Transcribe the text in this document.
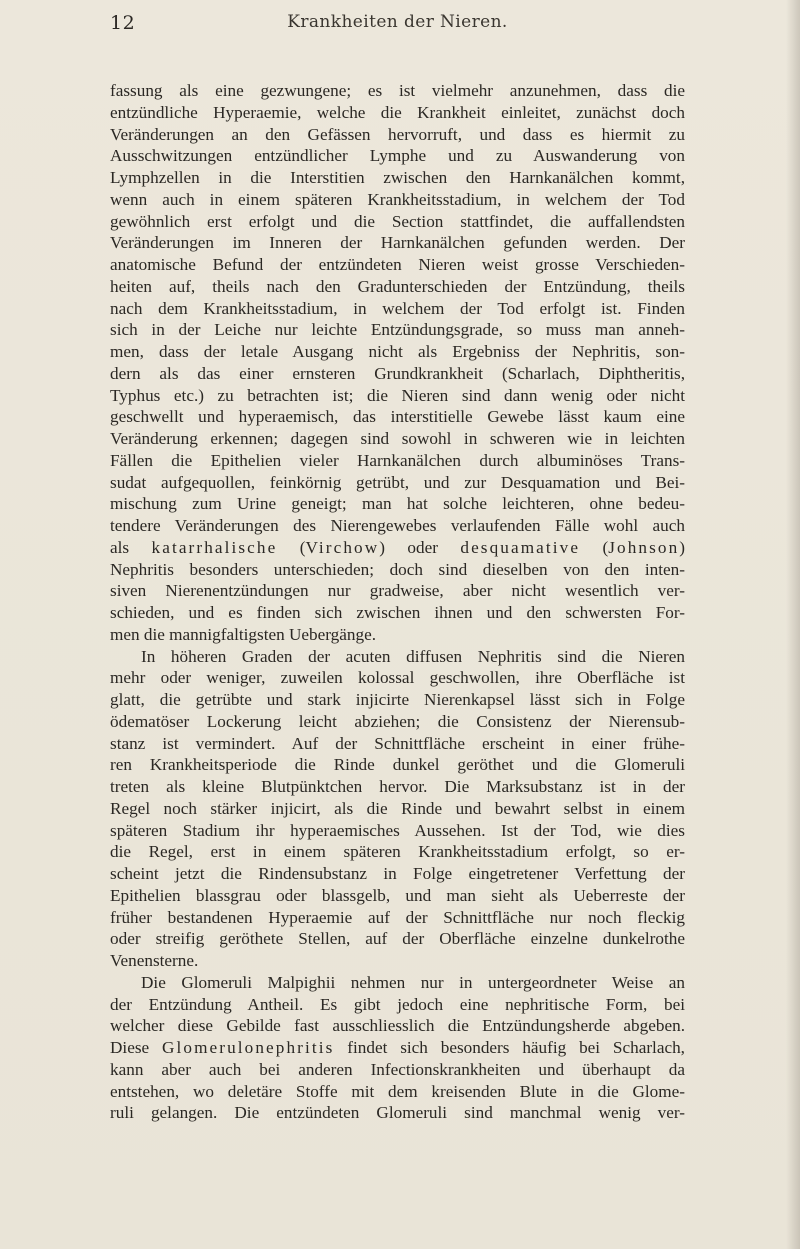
12	Krankheiten der Nieren.

fassung als eine gezwungene; es ist vielmehr anzunehmen, dass die
entzündliche Hyperaemie, welche die Krankheit einleitet, zunächst doch
Veränderungen an den Gefässen hervorruft, und dass es hiermit zu
Ausschwitzungen entzündlicher Lymphe und zu Auswanderung von
Lymphzellen in die Interstitien zwischen den Harnkanälchen kommt,
wenn auch in einem späteren Krankheitsstadium, in welchem der Tod
gewöhnlich erst erfolgt und die Section stattfindet, die auffallendsten
Veränderungen im Inneren der Harnkanälchen gefunden werden. Der
anatomische Befund der entzündeten Nieren weist grosse Verschieden-
heiten auf, theils nach den Gradunterschieden der Entzündung, theils
nach dem Krankheitsstadium, in welchem der Tod erfolgt ist. Finden
sich in der Leiche nur leichte Entzündungsgrade, so muss man anneh-
men, dass der letale Ausgang nicht als Ergebniss der Nephritis, son-
dern als das einer ernsteren Grundkrankheit (Scharlach, Diphtheritis,
Typhus etc.) zu betrachten ist; die Nieren sind dann wenig oder nicht
geschwellt und hyperaemisch, das interstitielle Gewebe lässt kaum eine
Veränderung erkennen; dagegen sind sowohl in schweren wie in leichten
Fällen die Epithelien vieler Harnkanälchen durch albuminöses Trans-
sudat aufgequollen, feinkörnig getrübt, und zur Desquamation und Bei-
mischung zum Urine geneigt; man hat solche leichteren, ohne bedeu-
tendere Veränderungen des Nierengewebes verlaufenden Fälle wohl auch
als katarrhalische (Virchow) oder desquamative (Johnson)
Nephritis besonders unterschieden; doch sind dieselben von den inten-
siven Nierenentzündungen nur gradweise, aber nicht wesentlich ver-
schieden, und es finden sich zwischen ihnen und den schwersten For-
men die mannigfaltigsten Uebergänge.

In höheren Graden der acuten diffusen Nephritis sind die Nieren
mehr oder weniger, zuweilen kolossal geschwollen, ihre Oberfläche ist
glatt, die getrübte und stark injicirte Nierenkapsel lässt sich in Folge
ödematöser Lockerung leicht abziehen; die Consistenz der Nierensub-
stanz ist vermindert. Auf der Schnittfläche erscheint in einer frühe-
ren Krankheitsperiode die Rinde dunkel geröthet und die Glomeruli
treten als kleine Blutpünktchen hervor. Die Marksubstanz ist in der
Regel noch stärker injicirt, als die Rinde und bewahrt selbst in einem
späteren Stadium ihr hyperaemisches Aussehen. Ist der Tod, wie dies
die Regel, erst in einem späteren Krankheitsstadium erfolgt, so er-
scheint jetzt die Rindensubstanz in Folge eingetretener Verfettung der
Epithelien blassgrau oder blassgelb, und man sieht als Ueberreste der
früher bestandenen Hyperaemie auf der Schnittfläche nur noch fleckig
oder streifig geröthete Stellen, auf der Oberfläche einzelne dunkelrothe
Venensterne.

Die Glomeruli Malpighii nehmen nur in untergeordneter Weise an
der Entzündung Antheil. Es gibt jedoch eine nephritische Form, bei
welcher diese Gebilde fast ausschliesslich die Entzündungsherde abgeben.
Diese Glomerulonephritis findet sich besonders häufig bei Scharlach,
kann aber auch bei anderen Infectionskrankheiten und überhaupt da
entstehen, wo deletäre Stoffe mit dem kreisenden Blute in die Glome-
ruli gelangen. Die entzündeten Glomeruli sind manchmal wenig ver-
